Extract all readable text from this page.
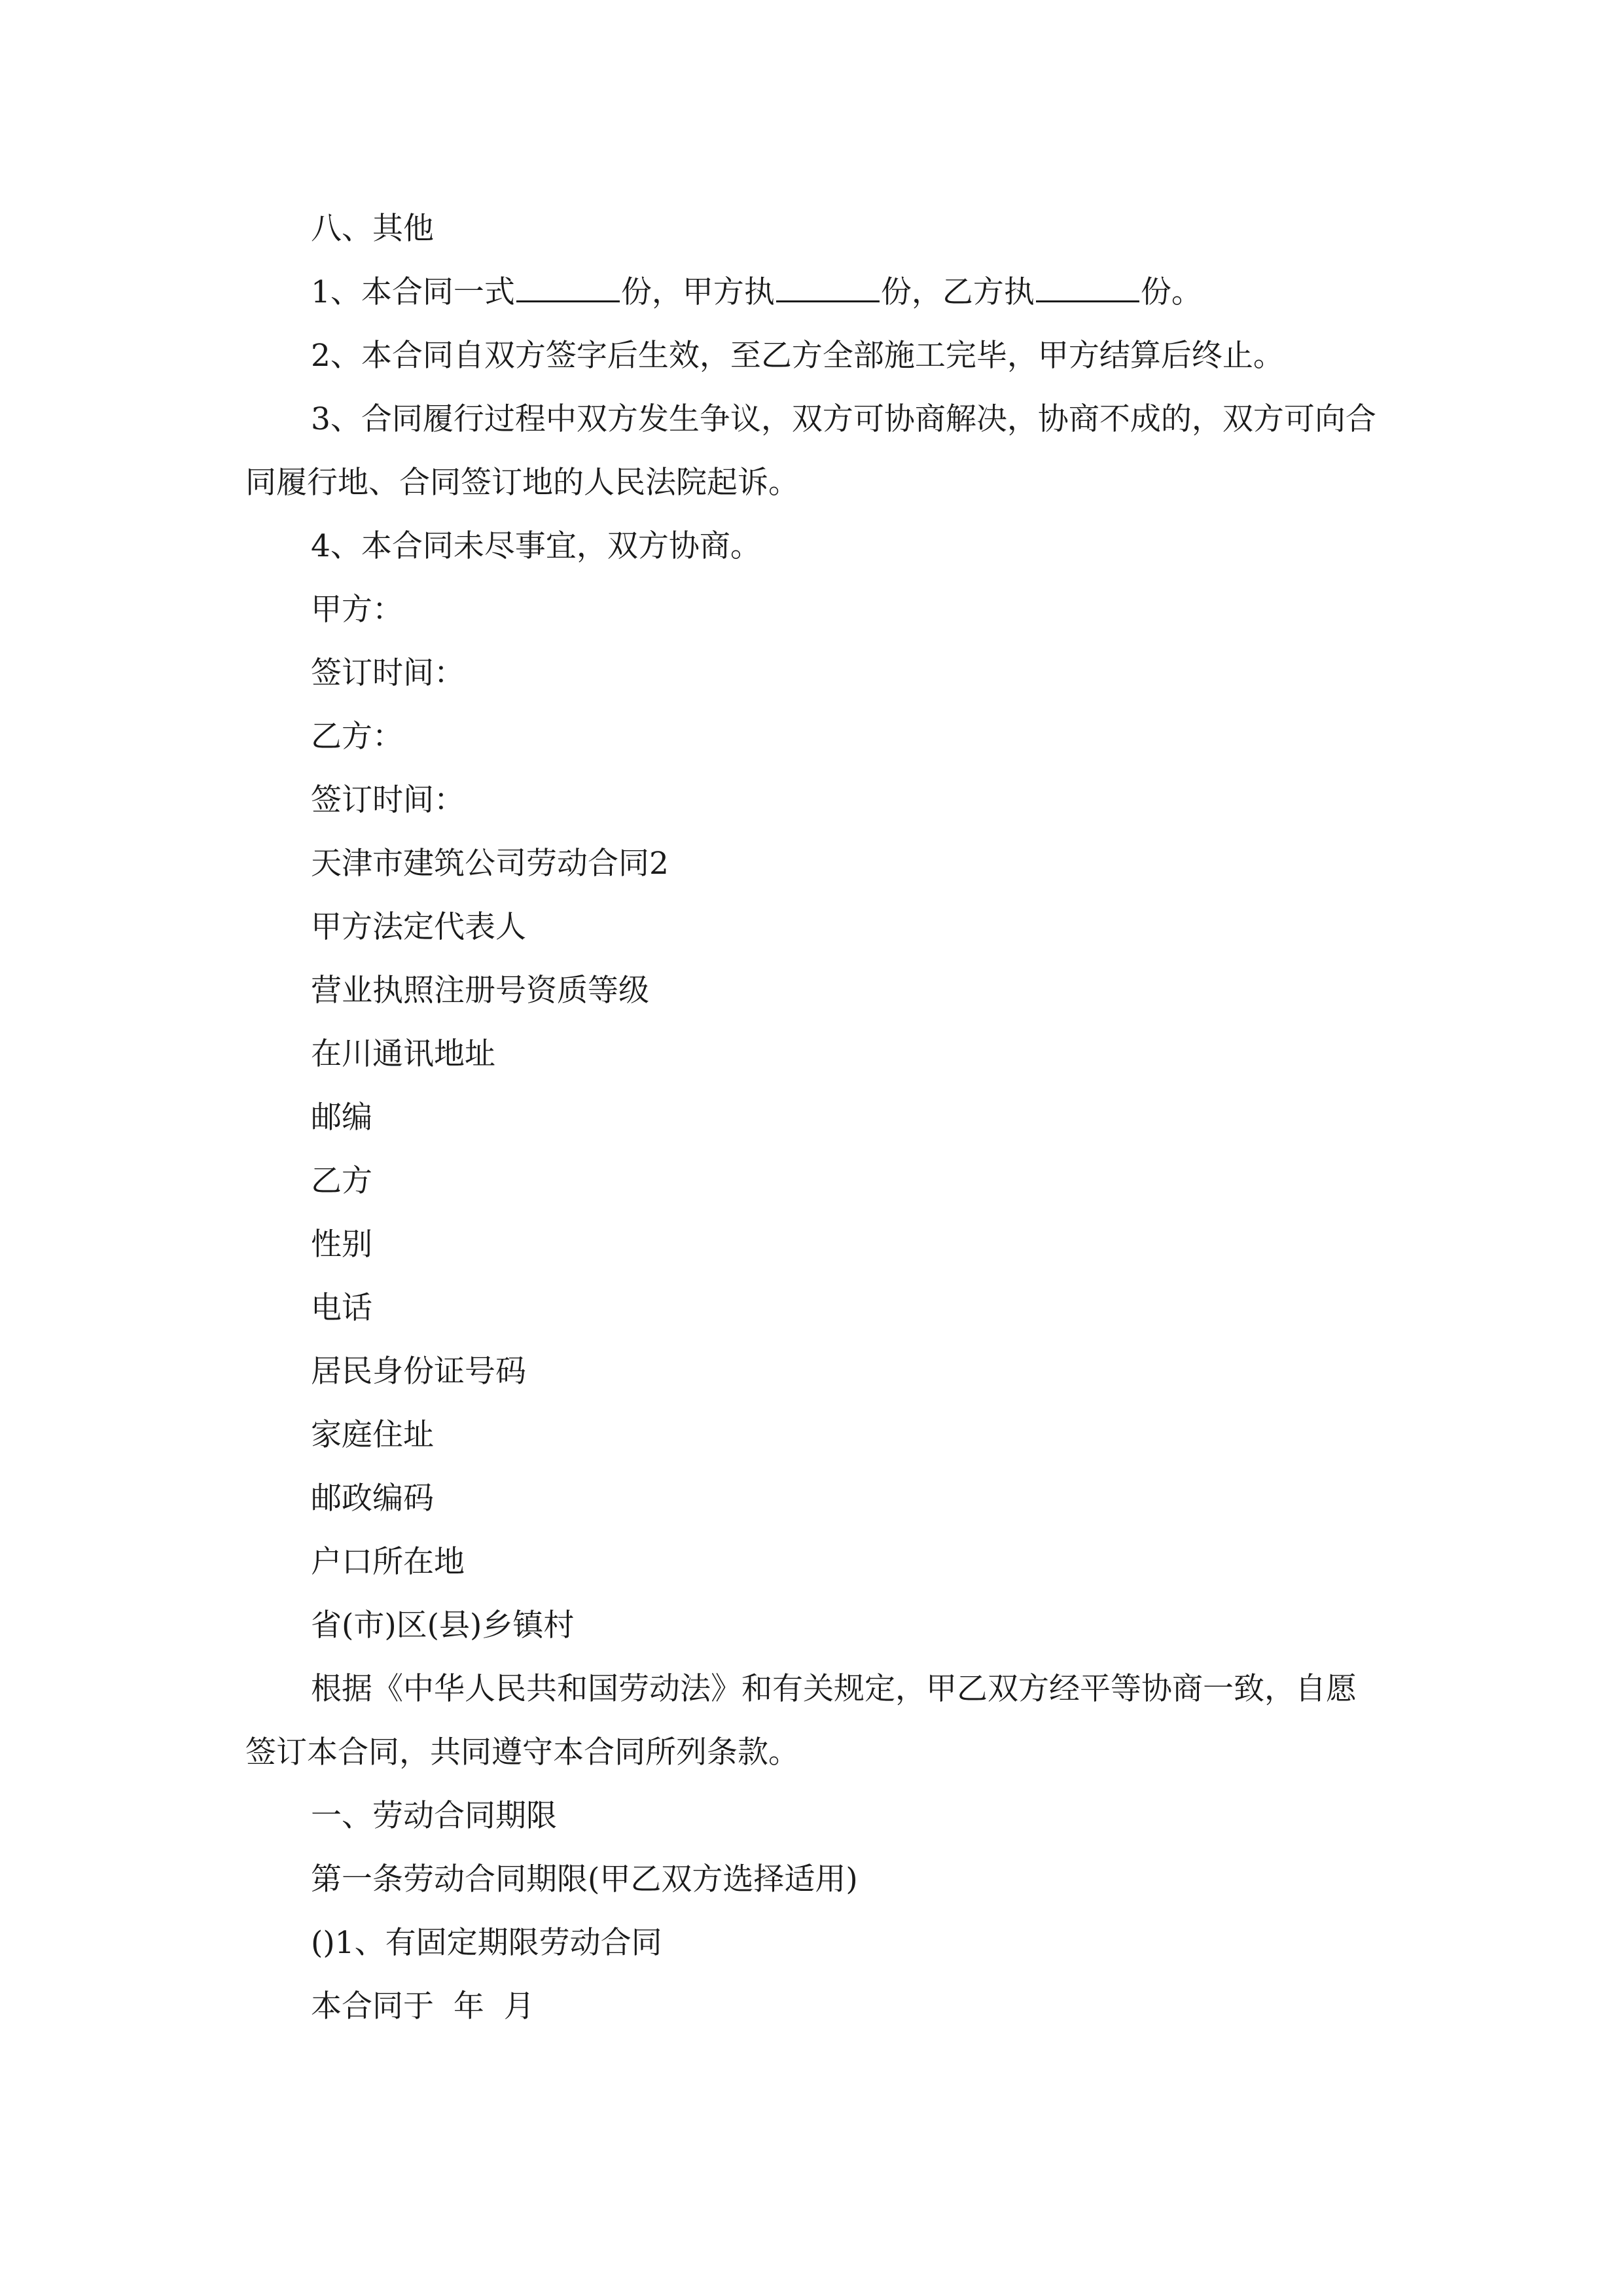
八、其他

1、本合同一式	份，甲方执	份，乙方执	份。

2、本合同自双方签字后生效，至乙方全部施工完毕，甲方结算后终止。

3、合同履行过程中双方发生争议，双方可协商解决，协商不成的，双方可向合同履行地、合同签订地的人民法院起诉。

4、本合同未尽事宜，双方协商。

甲方：

签订时间：

乙方：

签订时间：

天津市建筑公司劳动合同2

甲方法定代表人

营业执照注册号资质等级

在川通讯地址

邮编

乙方

性别

电话

居民身份证号码

家庭住址

邮政编码

户口所在地

省(市)区(县)乡镇村

根据《中华人民共和国劳动法》和有关规定，甲乙双方经平等协商一致，自愿签订本合同，共同遵守本合同所列条款。

一、劳动合同期限

第一条劳动合同期限(甲乙双方选择适用)

()1、有固定期限劳动合同

本合同于  年  月
